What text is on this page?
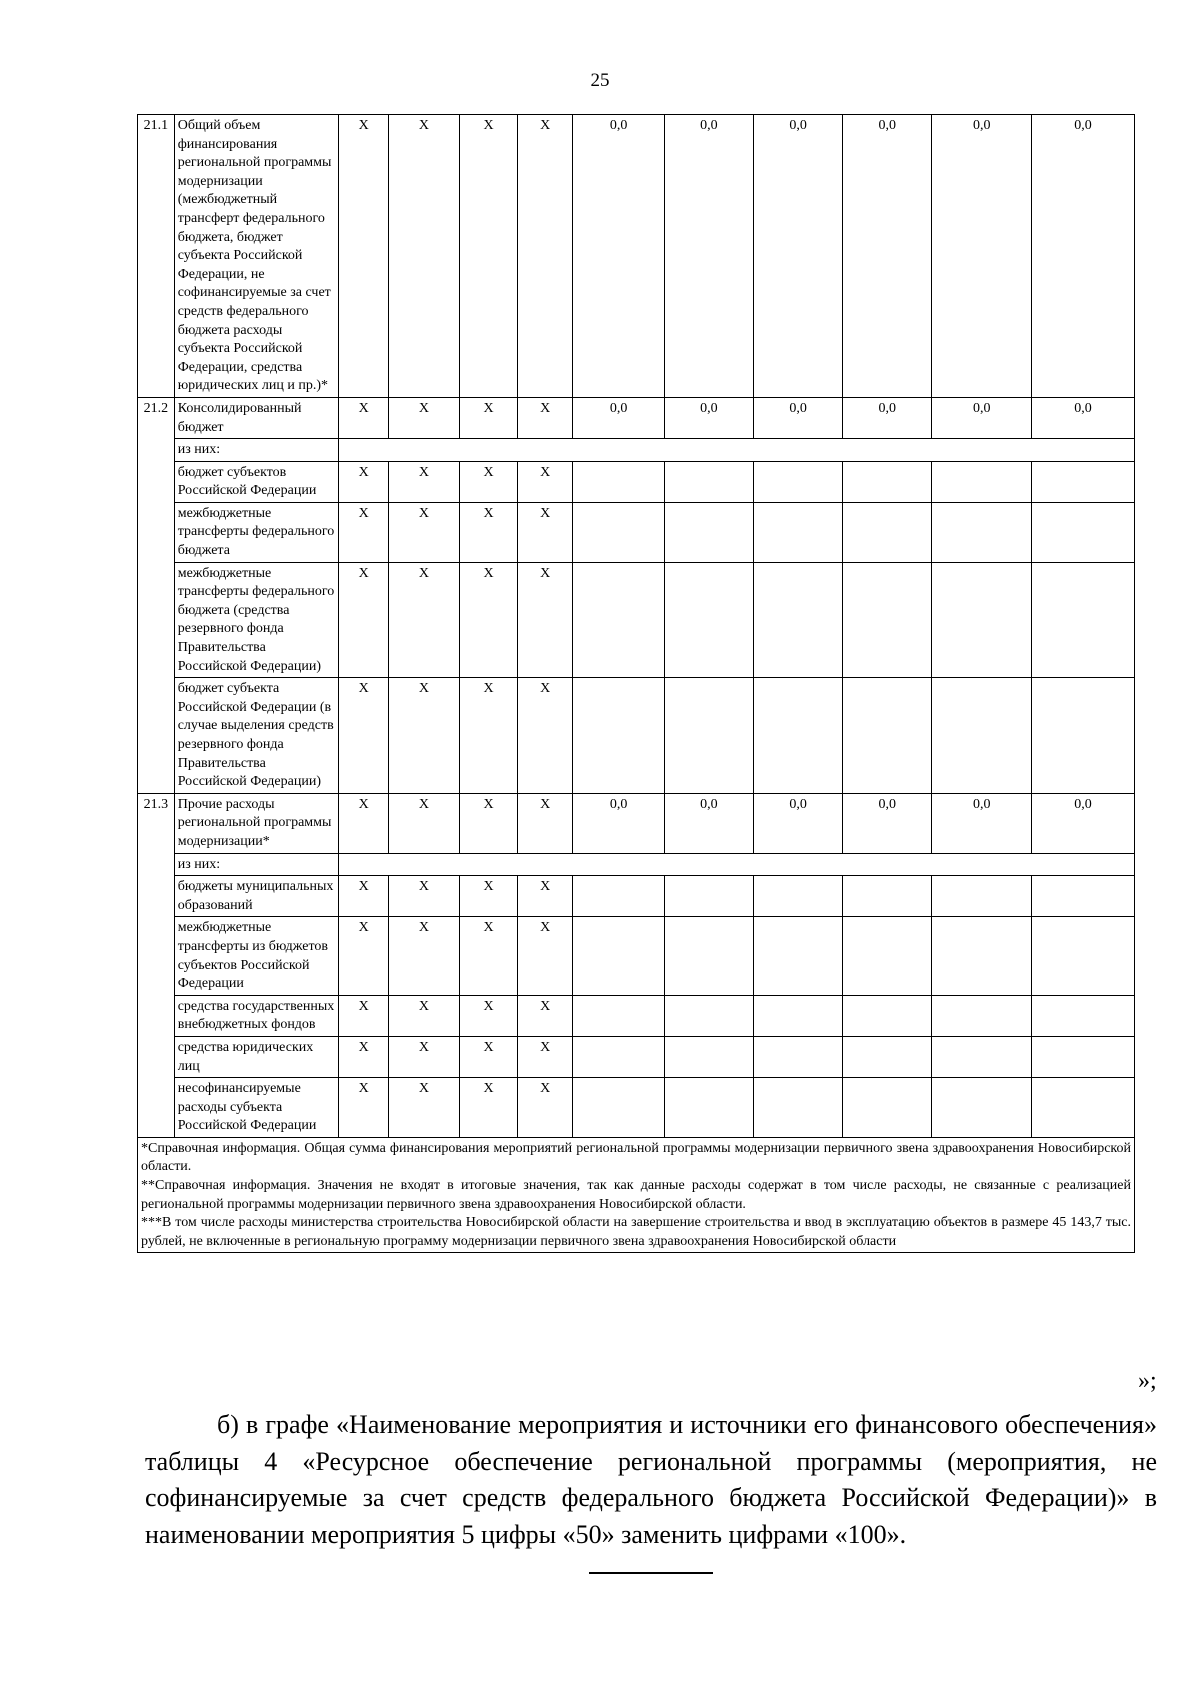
25
21.1	Общий объем финансирования региональной программы модернизации (межбюджетный трансферт федерального бюджета, бюджет субъекта Российской Федерации, не софинансируемые за счет средств федерального бюджета расходы субъекта Российской Федерации, средства юридических лиц и пр.)*	X	X	X	X	0,0	0,0	0,0	0,0	0,0	0,0
21.2	Консолидированный бюджет	X	X	X	X	0,0	0,0	0,0	0,0	0,0	0,0
	из них:										
	бюджет субъектов Российской Федерации	X	X	X	X						
	межбюджетные трансферты федерального бюджета	X	X	X	X						
	межбюджетные трансферты федерального бюджета (средства резервного фонда Правительства Российской Федерации)	X	X	X	X						
	бюджет субъекта Российской Федерации (в случае выделения средств резервного фонда Правительства Российской Федерации)	X	X	X	X						
21.3	Прочие расходы региональной программы модернизации*	X	X	X	X	0,0	0,0	0,0	0,0	0,0	0,0
	из них:										
	бюджеты муниципальных образований	X	X	X	X						
	межбюджетные трансферты из бюджетов субъектов Российской Федерации	X	X	X	X						
	средства государственных внебюджетных фондов	X	X	X	X						
	средства юридических лиц	X	X	X	X						
	несофинансируемые расходы субъекта Российской Федерации	X	X	X	X						

*Справочная информация. Общая сумма финансирования мероприятий региональной программы модернизации первичного звена здравоохранения Новосибирской области.
**Справочная информация. Значения не входят в итоговые значения, так как данные расходы содержат в том числе расходы, не связанные с реализацией региональной программы модернизации первичного звена здравоохранения Новосибирской области.
***В том числе расходы министерства строительства Новосибирской области на завершение строительства и ввод в эксплуатацию объектов в размере 45 143,7 тыс. рублей, не включенные в региональную программу модернизации первичного звена здравоохранения Новосибирской области											
»;

б) в графе «Наименование мероприятия и источники его финансового обеспечения» таблицы 4 «Ресурсное обеспечение региональной программы (мероприятия, не софинансируемые за счет средств федерального бюджета Российской Федерации)» в наименовании мероприятия 5 цифры «50» заменить цифрами «100».
